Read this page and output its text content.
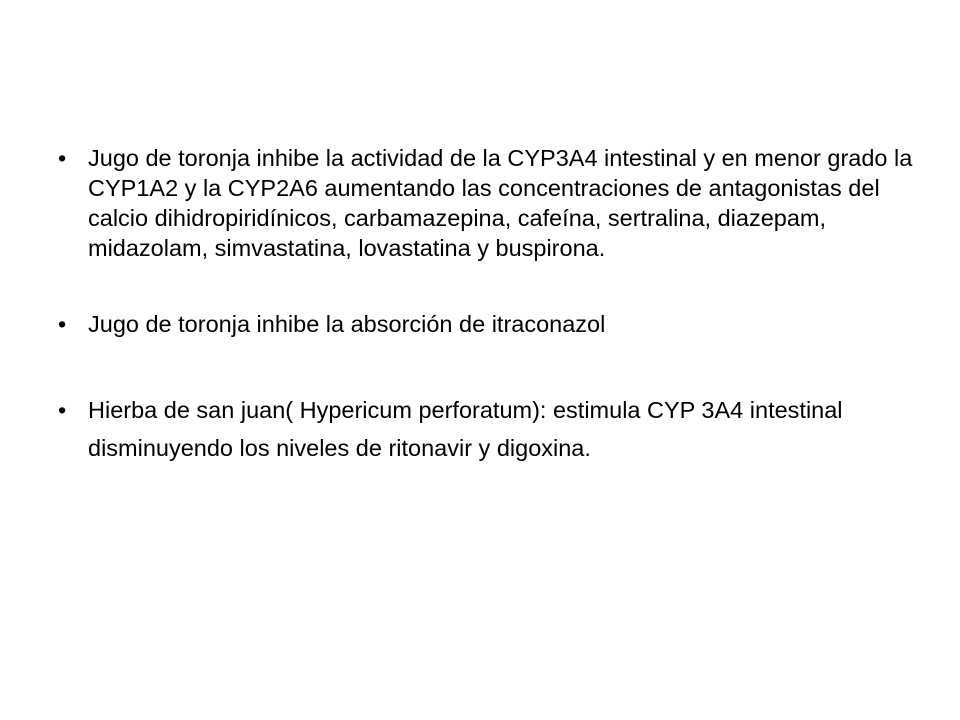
• Jugo de toronja inhibe la actividad de la CYP3A4 intestinal y en menor grado la CYP1A2 y la CYP2A6 aumentando las concentraciones de antagonistas del calcio dihidropiridínicos, carbamazepina, cafeína, sertralina, diazepam, midazolam, simvastatina, lovastatina y buspirona.
• Jugo de toronja inhibe la absorción de itraconazol
• Hierba de san juan( Hypericum perforatum): estimula CYP 3A4 intestinal disminuyendo los niveles de ritonavir y digoxina.
